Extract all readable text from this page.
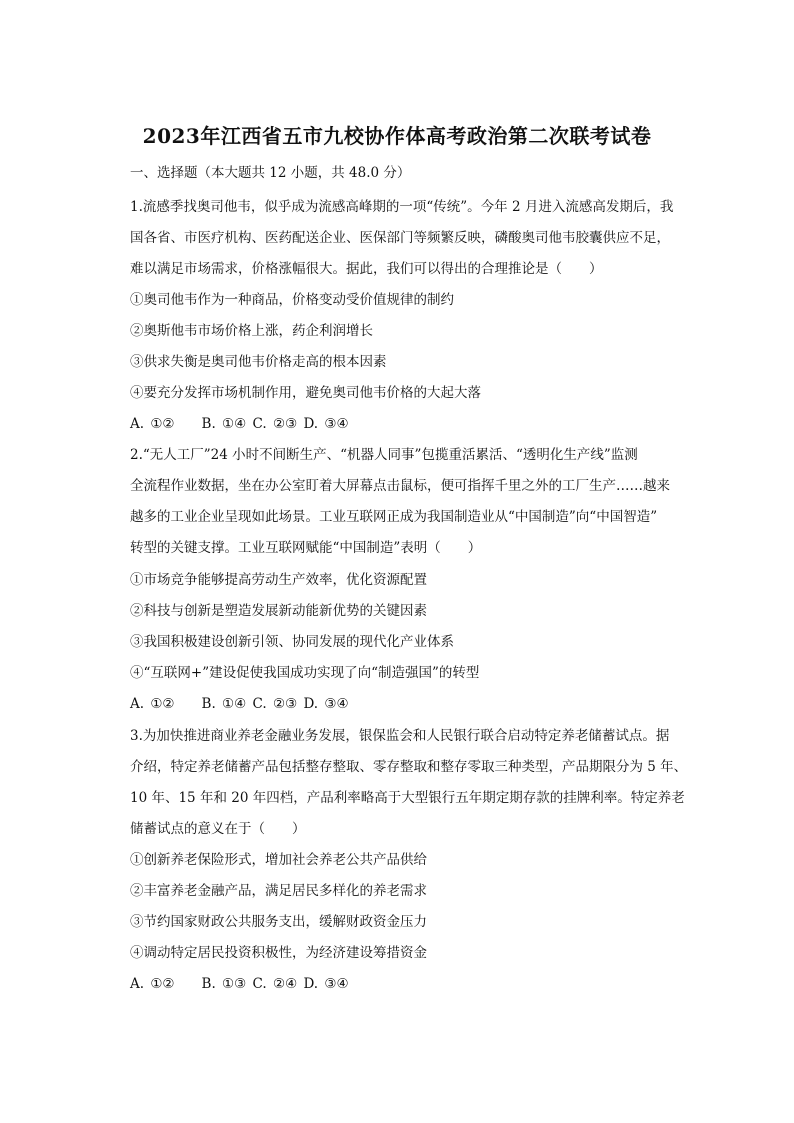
2023年江西省五市九校协作体高考政治第二次联考试卷
一、选择题（本大题共 12 小题，共 48.0 分）
1.流感季找奥司他韦，似乎成为流感高峰期的一项“传统”。今年 2 月进入流感高发期后，我
国各省、市医疗机构、医药配送企业、医保部门等频繁反映，磷酸奥司他韦胶囊供应不足，
难以满足市场需求，价格涨幅很大。据此，我们可以得出的合理推论是（　　）
①奥司他韦作为一种商品，价格变动受价值规律的制约
②奥斯他韦市场价格上涨，药企利润增长
③供求失衡是奥司他韦价格走高的根本因素
④要充分发挥市场机制作用，避免奥司他韦价格的大起大落
A. ①②　　B. ①④ C. ②③ D. ③④
2.“无人工厂”24 小时不间断生产、“机器人同事”包揽重活累活、“透明化生产线”监测
全流程作业数据，坐在办公室盯着大屏幕点击鼠标，便可指挥千里之外的工厂生产……越来
越多的工业企业呈现如此场景。工业互联网正成为我国制造业从“中国制造”向“中国智造”
转型的关键支撑。工业互联网赋能“中国制造”表明（　　）
①市场竞争能够提高劳动生产效率，优化资源配置
②科技与创新是塑造发展新动能新优势的关键因素
③我国积极建设创新引领、协同发展的现代化产业体系
④“互联网+”建设促使我国成功实现了向“制造强国”的转型
A. ①②　　B. ①④ C. ②③ D. ③④
3.为加快推进商业养老金融业务发展，银保监会和人民银行联合启动特定养老储蓄试点。据
介绍，特定养老储蓄产品包括整存整取、零存整取和整存零取三种类型，产品期限分为 5 年、
10 年、15 年和 20 年四档，产品利率略高于大型银行五年期定期存款的挂牌利率。特定养老
储蓄试点的意义在于（　　）
①创新养老保险形式，增加社会养老公共产品供给
②丰富养老金融产品，满足居民多样化的养老需求
③节约国家财政公共服务支出，缓解财政资金压力
④调动特定居民投资积极性，为经济建设筹措资金
A. ①②　　B. ①③ C. ②④ D. ③④
